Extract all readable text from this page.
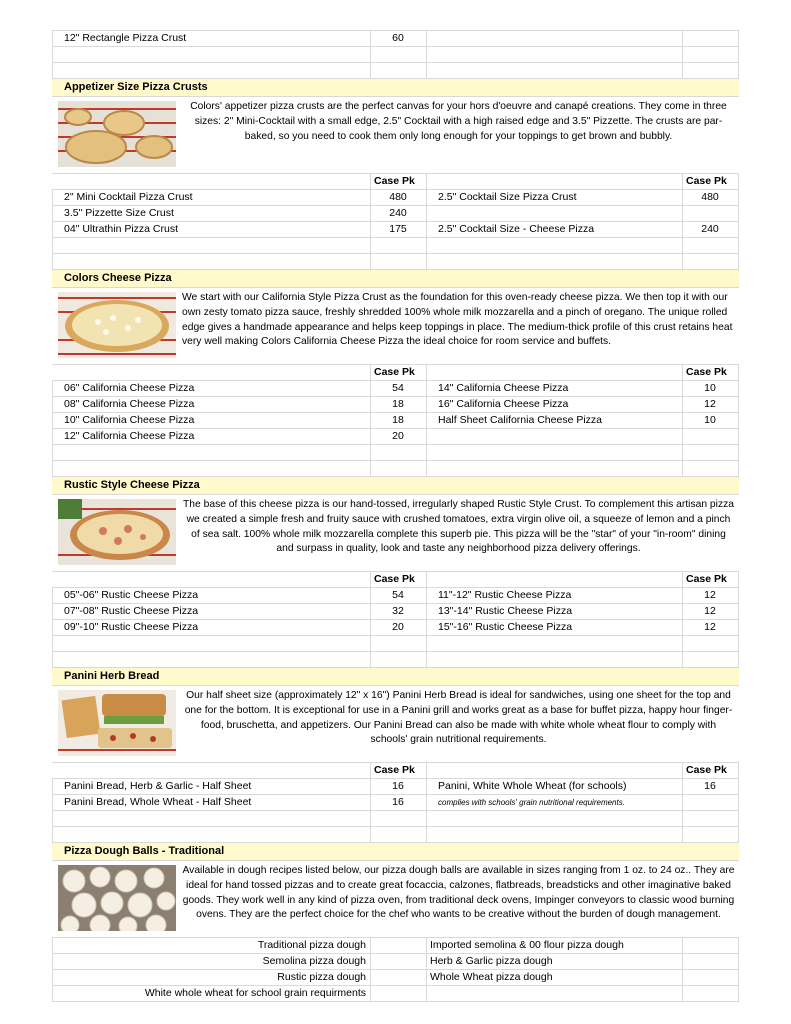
12" Rectangle Pizza Crust	60
Appetizer Size Pizza Crusts
Colors' appetizer pizza crusts are the perfect canvas for your hors d'oeuvre and canapé creations. They come in three sizes: 2" Mini-Cocktail with a small edge, 2.5" Cocktail with a high raised edge and 3.5" Pizzette. The crusts are par-baked, so you need to cook them only long enough for your toppings to get brown and bubbly.
Case Pk	Case Pk
2" Mini Cocktail Pizza Crust	480	2.5" Cocktail Size Pizza Crust	480
3.5" Pizzette Size Crust	240
04" Ultrathin Pizza Crust	175	2.5" Cocktail Size - Cheese Pizza	240
Colors Cheese Pizza
We start with our California Style Pizza Crust as the foundation for this oven-ready cheese pizza. We then top it with our own zesty tomato pizza sauce, freshly shredded 100% whole milk mozzarella and a pinch of oregano. The unique rolled edge gives a handmade appearance and helps keep toppings in place. The medium-thick profile of this crust retains heat very well making Colors California Cheese Pizza the ideal choice for room service and buffets.
Case Pk	Case Pk
06" California Cheese Pizza	54	14" California Cheese Pizza	10
08" California Cheese Pizza	18	16" California Cheese Pizza	12
10" California Cheese Pizza	18	Half Sheet California Cheese Pizza	10
12" California Cheese Pizza	20
Rustic Style Cheese Pizza
The base of this cheese pizza is our hand-tossed, irregularly shaped Rustic Style Crust. To complement this artisan pizza we created a simple fresh and fruity sauce with crushed tomatoes, extra virgin olive oil, a squeeze of lemon and a pinch of sea salt. 100% whole milk mozzarella complete this superb pie. This pizza will be the "star" of your "in-room" dining and surpass in quality, look and taste any neighborhood pizza delivery offerings.
Case Pk	Case Pk
05"-06" Rustic Cheese Pizza	54	11"-12" Rustic Cheese Pizza	12
07"-08" Rustic Cheese Pizza	32	13"-14" Rustic Cheese Pizza	12
09"-10" Rustic Cheese Pizza	20	15"-16" Rustic Cheese Pizza	12
Panini Herb Bread
Our half sheet size (approximately 12" x 16") Panini Herb Bread is ideal for sandwiches, using one sheet for the top and one for the bottom. It is exceptional for use in a Panini grill and works great as a base for buffet pizza, happy hour finger-food, bruschetta, and appetizers. Our Panini Bread can also be made with white whole wheat flour to comply with schools' grain nutritional requirements.
Case Pk	Case Pk
Panini Bread, Herb & Garlic - Half Sheet	16	Panini, White Whole Wheat (for schools)	16
Panini Bread, Whole Wheat - Half Sheet	16	complies with schools' grain nutritional requirements.
Pizza Dough Balls - Traditional
Available in dough recipes listed below, our pizza dough balls are available in sizes ranging from 1 oz. to 24 oz.. They are ideal for hand tossed pizzas and to create great focaccia, calzones, flatbreads, breadsticks and other imaginative baked goods. They work well in any kind of pizza oven, from traditional deck ovens, Impinger conveyors to classic wood burning ovens. They are the perfect choice for the chef who wants to be creative without the burden of dough management.
Traditional pizza dough	Imported semolina & 00 flour pizza dough
Semolina pizza dough	Herb & Garlic pizza dough
Rustic pizza dough	Whole Wheat pizza dough
White whole wheat for school grain requirments
